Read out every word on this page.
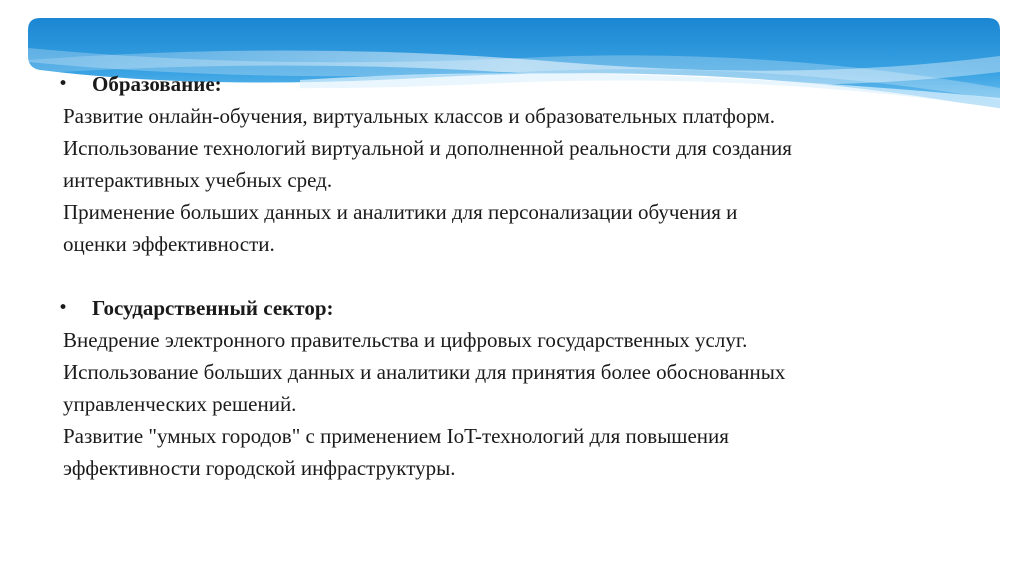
• Образование:
Развитие онлайн-обучения, виртуальных классов и образовательных платформ.
Использование технологий виртуальной и дополненной реальности для создания
интерактивных учебных сред.
Применение больших данных и аналитики для персонализации обучения и
оценки эффективности.
• Государственный сектор:
Внедрение электронного правительства и цифровых государственных услуг.
Использование больших данных и аналитики для принятия более обоснованных
управленческих решений.
Развитие "умных городов" с применением IoT-технологий для повышения
эффективности городской инфраструктуры.
